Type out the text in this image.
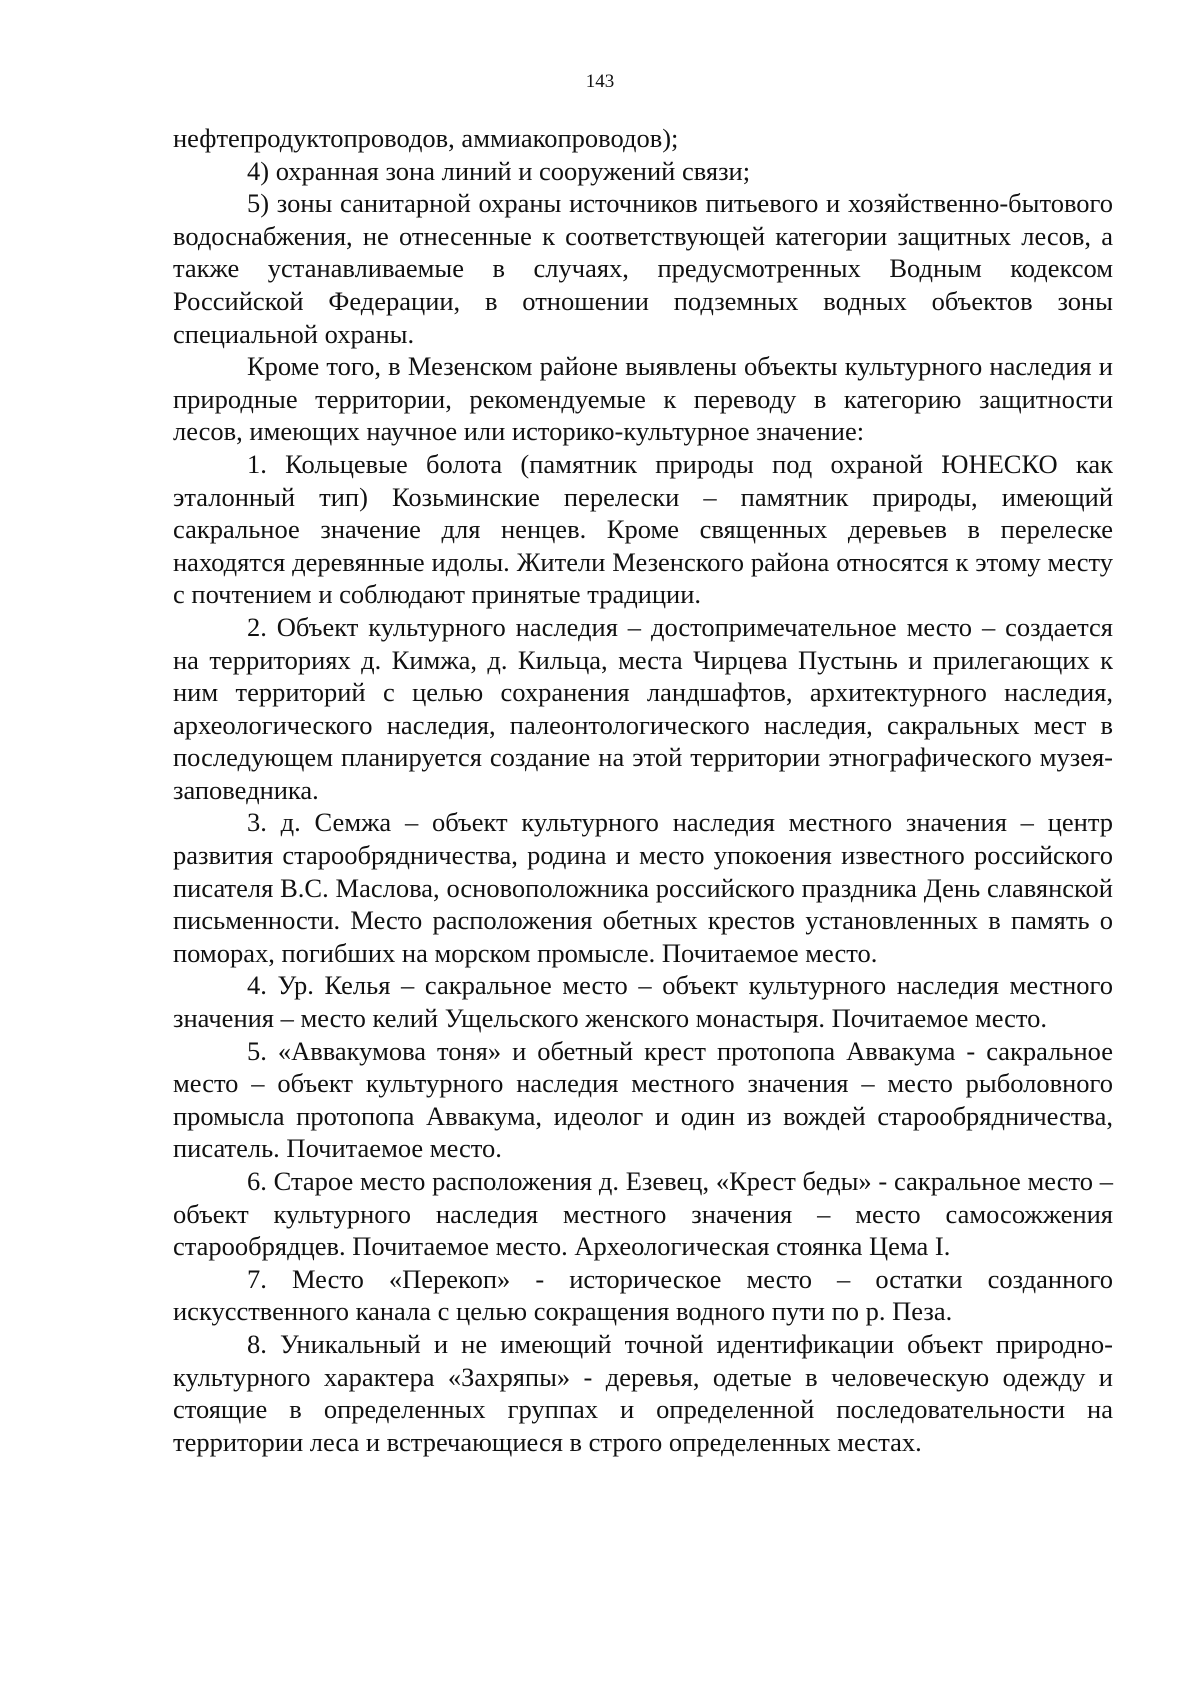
143

нефтепродуктопроводов, аммиакопроводов);

4) охранная зона линий и сооружений связи;

5) зоны санитарной охраны источников питьевого и хозяйственно-бытового водоснабжения, не отнесенные к соответствующей категории защитных лесов, а также устанавливаемые в случаях, предусмотренных Водным кодексом Российской Федерации, в отношении подземных водных объектов зоны специальной охраны.

Кроме того, в Мезенском районе выявлены объекты культурного наследия и природные территории, рекомендуемые к переводу в категорию защитности лесов, имеющих научное или историко-культурное значение:

1. Кольцевые болота (памятник природы под охраной ЮНЕСКО как эталонный тип) Козьминские перелески – памятник природы, имеющий сакральное значение для ненцев. Кроме священных деревьев в перелеске находятся деревянные идолы. Жители Мезенского района относятся к этому месту с почтением и соблюдают принятые традиции.

2. Объект культурного наследия – достопримечательное место – создается на территориях д. Кимжа, д. Кильца, места Чирцева Пустынь и прилегающих к ним территорий с целью сохранения ландшафтов, архитектурного наследия, археологического наследия, палеонтологического наследия, сакральных мест в последующем планируется создание на этой территории этнографического музея-заповедника.

3. д. Семжа – объект культурного наследия местного значения – центр развития старообрядничества, родина и место упокоения известного российского писателя В.С. Маслова, основоположника российского праздника День славянской письменности. Место расположения обетных крестов установленных в память о поморах, погибших на морском промысле. Почитаемое место.

4. Ур. Келья – сакральное место – объект культурного наследия местного значения – место келий Ущельского женского монастыря. Почитаемое место.

5. «Аввакумова тоня» и обетный крест протопопа Аввакума - сакральное место – объект культурного наследия местного значения – место рыболовного промысла протопопа Аввакума, идеолог и один из вождей старообрядничества, писатель. Почитаемое место.

6. Старое место расположения д. Езевец, «Крест беды» - сакральное место – объект культурного наследия местного значения – место самосожжения старообрядцев. Почитаемое место. Археологическая стоянка Цема I.

7. Место «Перекоп» - историческое место – остатки созданного искусственного канала с целью сокращения водного пути по р. Пеза.

8. Уникальный и не имеющий точной идентификации объект природно-культурного характера «Захряпы» - деревья, одетые в человеческую одежду и стоящие в определенных группах и определенной последовательности на территории леса и встречающиеся в строго определенных местах.
